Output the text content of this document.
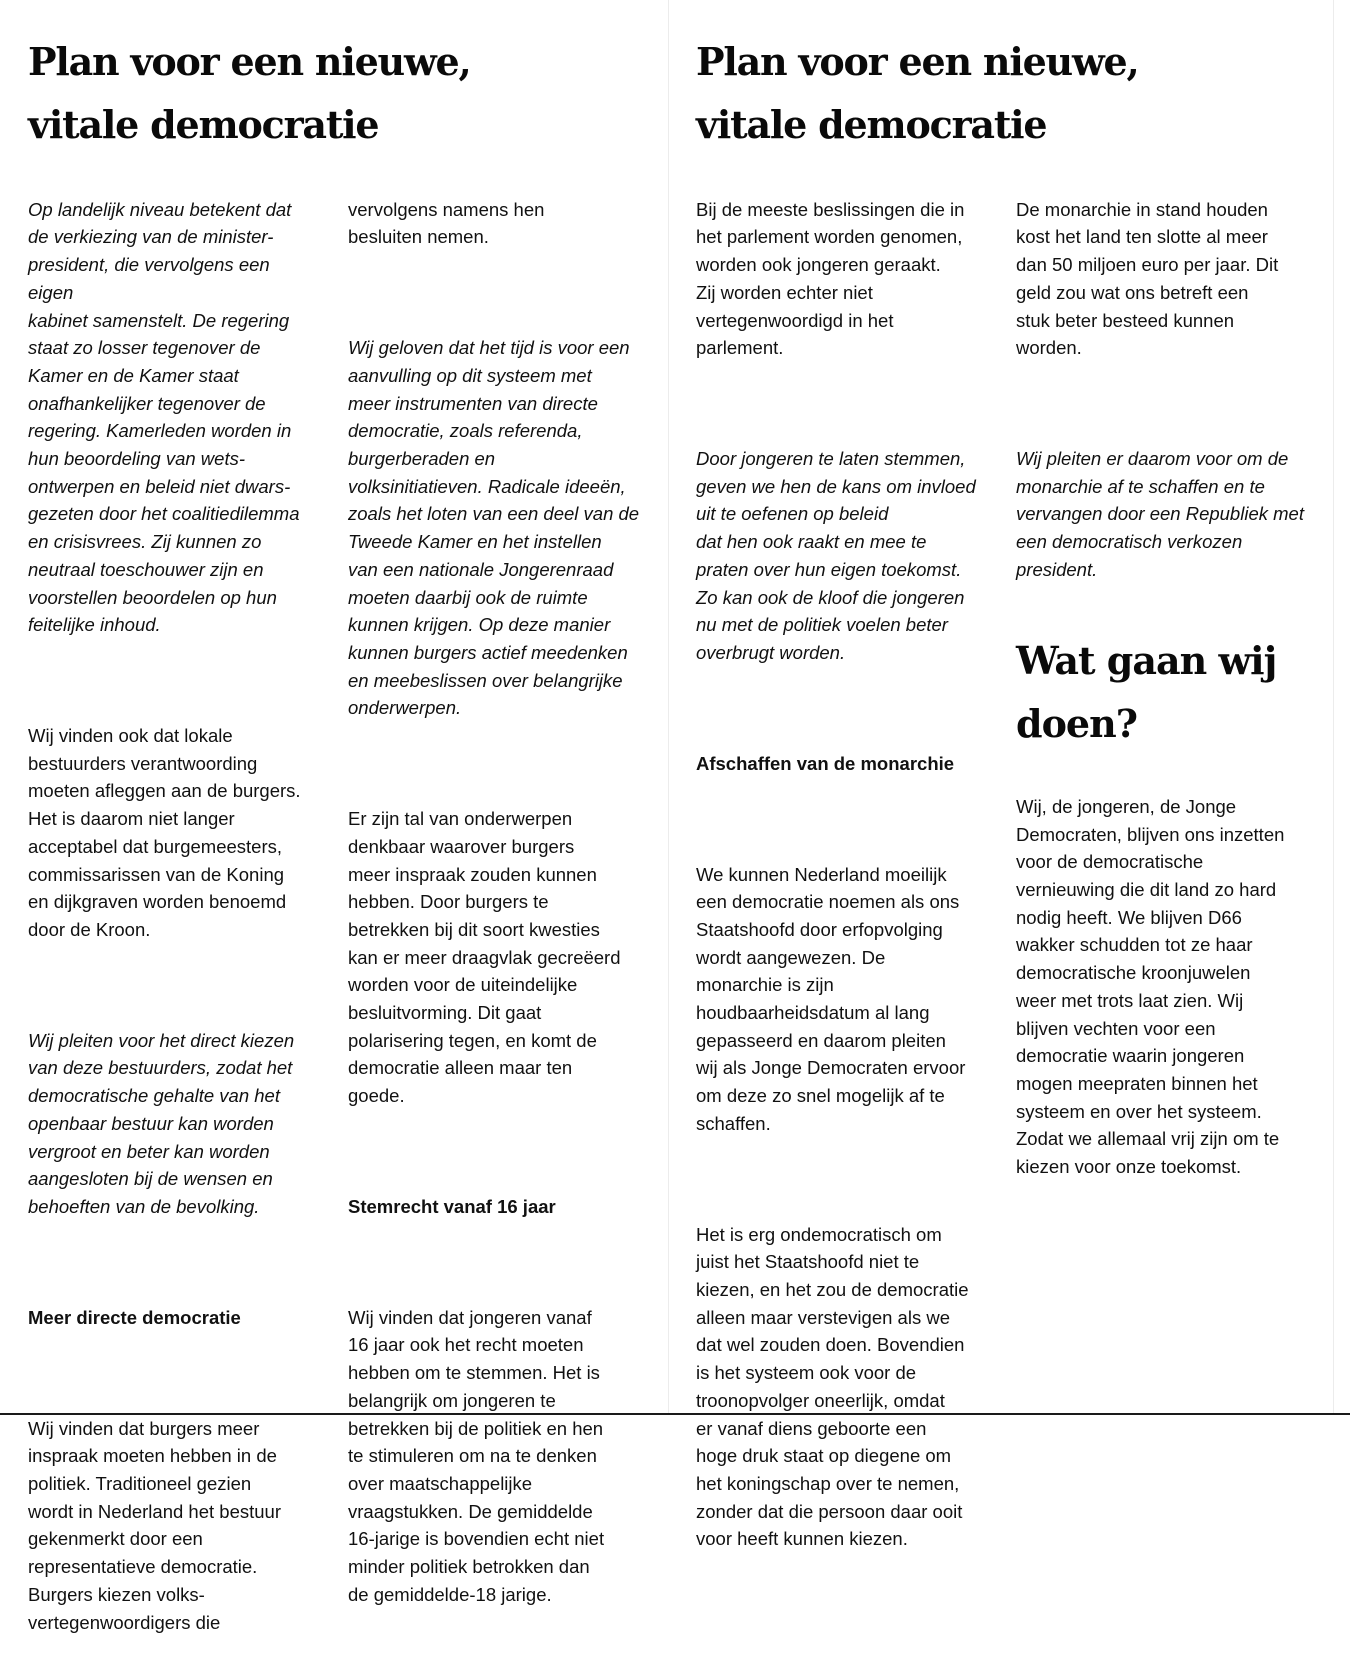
Plan voor een nieuwe,
vitale democratie

Op landelijk niveau betekent dat
de verkiezing van de minister-
president, die vervolgens een eigen
kabinet samenstelt. De regering
staat zo losser tegenover de
Kamer en de Kamer staat
onafhankelijker tegenover de
regering. Kamerleden worden in
hun beoordeling van wets-
ontwerpen en beleid niet dwars-
gezeten door het coalitiedilemma
en crisisvrees. Zij kunnen zo
neutraal toeschouwer zijn en
voorstellen beoordelen op hun
feitelijke inhoud.

Wij vinden ook dat lokale
bestuurders verantwoording
moeten afleggen aan de burgers.
Het is daarom niet langer
acceptabel dat burgemeesters,
commissarissen van de Koning
en dijkgraven worden benoemd
door de Kroon.

Wij pleiten voor het direct kiezen
van deze bestuurders, zodat het
democratische gehalte van het
openbaar bestuur kan worden
vergroot en beter kan worden
aangesloten bij de wensen en
behoeften van de bevolking.

Meer directe democratie

Wij vinden dat burgers meer
inspraak moeten hebben in de
politiek. Traditioneel gezien
wordt in Nederland het bestuur
gekenmerkt door een
representatieve democratie.
Burgers kiezen volks-
vertegenwoordigers die

vervolgens namens hen
besluiten nemen.

Wij geloven dat het tijd is voor een
aanvulling op dit systeem met
meer instrumenten van directe
democratie, zoals referenda,
burgerberaden en
volksinitiatieven. Radicale ideeën,
zoals het loten van een deel van de
Tweede Kamer en het instellen
van een nationale Jongerenraad
moeten daarbij ook de ruimte
kunnen krijgen. Op deze manier
kunnen burgers actief meedenken
en meebeslissen over belangrijke
onderwerpen.

Er zijn tal van onderwerpen
denkbaar waarover burgers
meer inspraak zouden kunnen
hebben. Door burgers te
betrekken bij dit soort kwesties
kan er meer draagvlak gecreëerd
worden voor de uiteindelijke
besluitvorming. Dit gaat
polarisering tegen, en komt de
democratie alleen maar ten
goede.

Stemrecht vanaf 16 jaar

Wij vinden dat jongeren vanaf
16 jaar ook het recht moeten
hebben om te stemmen. Het is
belangrijk om jongeren te
betrekken bij de politiek en hen
te stimuleren om na te denken
over maatschappelijke
vraagstukken. De gemiddelde
16-jarige is bovendien echt niet
minder politiek betrokken dan
de gemiddelde-18 jarige.

Plan voor een nieuwe,
vitale democratie

Bij de meeste beslissingen die in
het parlement worden genomen,
worden ook jongeren geraakt.
Zij worden echter niet
vertegenwoordigd in het
parlement.

Door jongeren te laten stemmen,
geven we hen de kans om invloed
uit te oefenen op beleid
dat hen ook raakt en mee te
praten over hun eigen toekomst.
Zo kan ook de kloof die jongeren
nu met de politiek voelen beter
overbrugt worden.

Afschaffen van de monarchie

We kunnen Nederland moeilijk
een democratie noemen als ons
Staatshoofd door erfopvolging
wordt aangewezen. De
monarchie is zijn
houdbaarheidsdatum al lang
gepasseerd en daarom pleiten
wij als Jonge Democraten ervoor
om deze zo snel mogelijk af te
schaffen.

Het is erg ondemocratisch om
juist het Staatshoofd niet te
kiezen, en het zou de democratie
alleen maar verstevigen als we
dat wel zouden doen. Bovendien
is het systeem ook voor de
troonopvolger oneerlijk, omdat
er vanaf diens geboorte een
hoge druk staat op diegene om
het koningschap over te nemen,
zonder dat die persoon daar ooit
voor heeft kunnen kiezen.

De monarchie in stand houden
kost het land ten slotte al meer
dan 50 miljoen euro per jaar. Dit
geld zou wat ons betreft een
stuk beter besteed kunnen
worden.

Wij pleiten er daarom voor om de
monarchie af te schaffen en te
vervangen door een Republiek met
een democratisch verkozen
president.

Wat gaan wij
doen?

Wij, de jongeren, de Jonge
Democraten, blijven ons inzetten
voor de democratische
vernieuwing die dit land zo hard
nodig heeft. We blijven D66
wakker schudden tot ze haar
democratische kroonjuwelen
weer met trots laat zien. Wij
blijven vechten voor een
democratie waarin jongeren
mogen meepraten binnen het
systeem en over het systeem.
Zodat we allemaal vrij zijn om te
kiezen voor onze toekomst.
